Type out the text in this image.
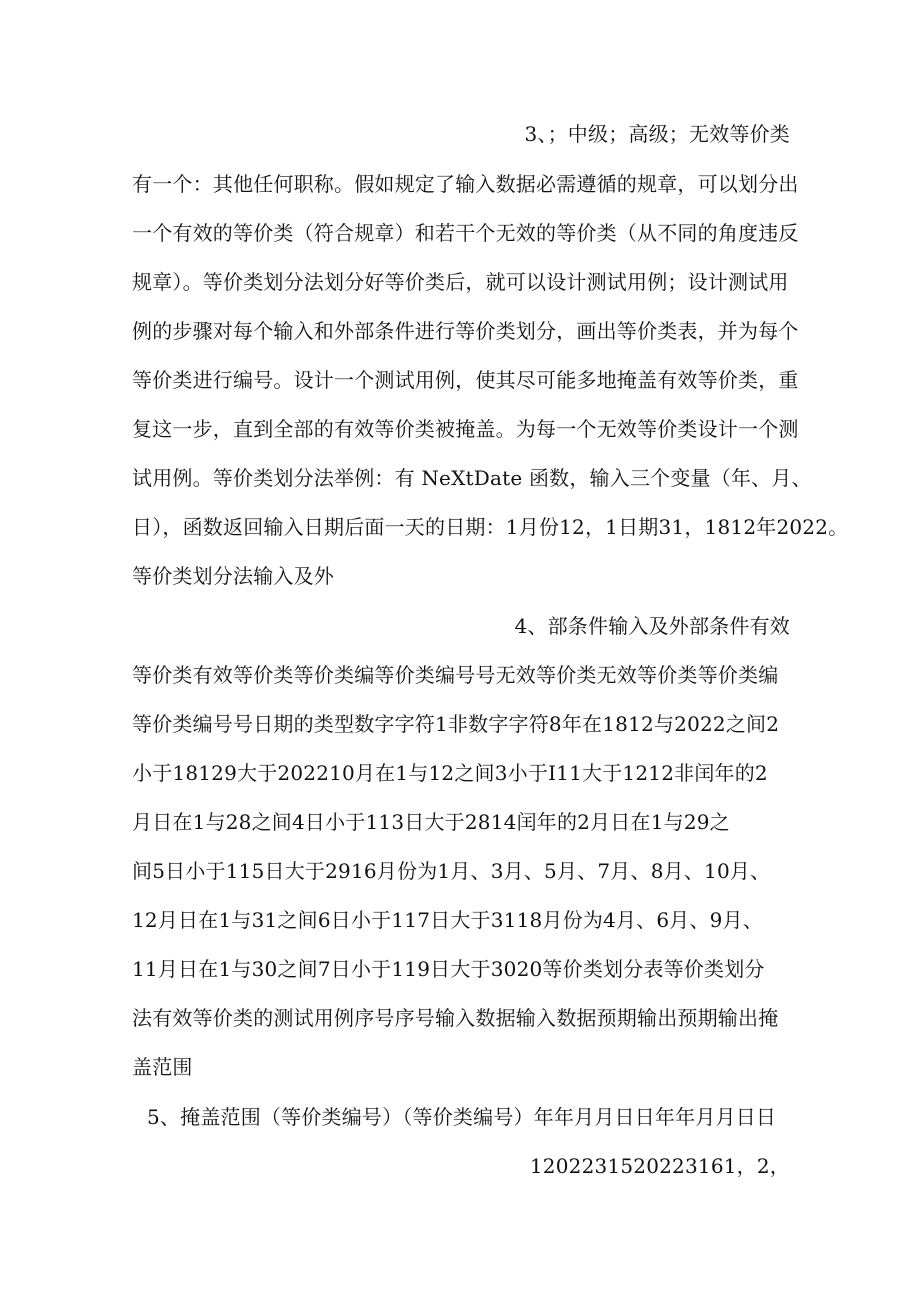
3、；中级；高级；无效等价类
有一个：其他任何职称。假如规定了输入数据必需遵循的规章，可以划分出
一个有效的等价类（符合规章）和若干个无效的等价类（从不同的角度违反
规章）。等价类划分法划分好等价类后，就可以设计测试用例；设计测试用
例的步骤对每个输入和外部条件进行等价类划分，画出等价类表，并为每个
等价类进行编号。设计一个测试用例，使其尽可能多地掩盖有效等价类，重
复这一步，直到全部的有效等价类被掩盖。为每一个无效等价类设计一个测
试用例。等价类划分法举例：有 NeXtDate 函数，输入三个变量（年、月、
日），函数返回输入日期后面一天的日期：1月份12，1日期31，1812年2022。
等价类划分法输入及外
4、部条件输入及外部条件有效
等价类有效等价类等价类编等价类编号号无效等价类无效等价类等价类编
等价类编号号日期的类型数字字符1非数字字符8年在1812与2022之间2
小于18129大于202210月在1与12之间3小于I11大于1212非闰年的2
月日在1与28之间4日小于113日大于2814闰年的2月日在1与29之
间5日小于115日大于2916月份为1月、3月、5月、7月、8月、10月、
12月日在1与31之间6日小于117日大于3118月份为4月、6月、9月、
11月日在1与30之间7日小于119日大于3020等价类划分表等价类划分
法有效等价类的测试用例序号序号输入数据输入数据预期输出预期输出掩
盖范围
5、掩盖范围（等价类编号）（等价类编号）年年月月日日年年月月日日
1202231520223161，2，
